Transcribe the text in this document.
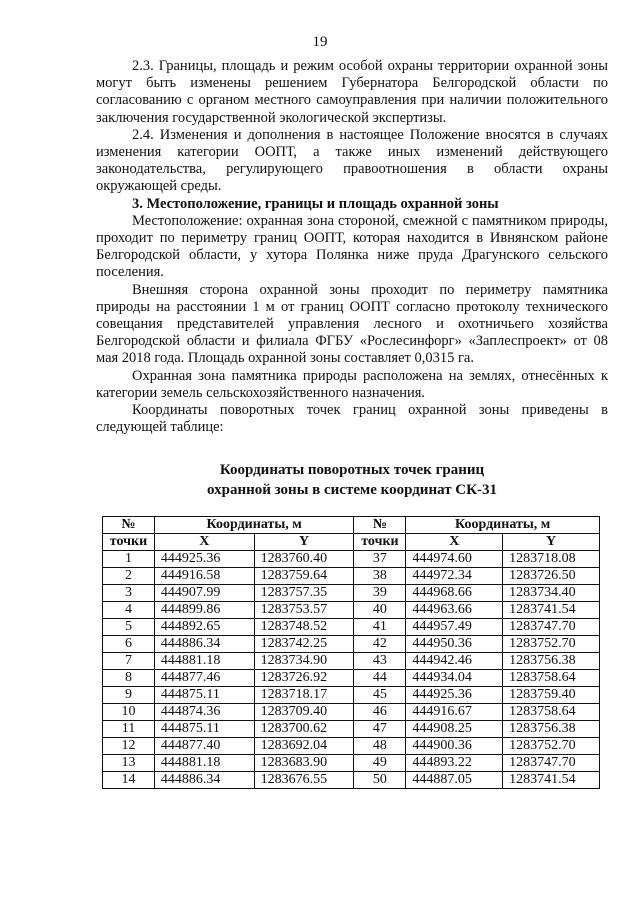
19

2.3. Границы, площадь и режим особой охраны территории охранной зоны могут быть изменены решением Губернатора Белгородской области по согласованию с органом местного самоуправления при наличии положительного заключения государственной экологической экспертизы.

2.4. Изменения и дополнения в настоящее Положение вносятся в случаях изменения категории ООПТ, а также иных изменений действующего законодательства, регулирующего правоотношения в области охраны окружающей среды.

3. Местоположение, границы и площадь охранной зоны

Местоположение: охранная зона стороной, смежной с памятником природы, проходит по периметру границ ООПТ, которая находится в Ивнянском районе Белгородской области, у хутора Полянка ниже пруда Драгунского сельского поселения.

Внешняя сторона охранной зоны проходит по периметру памятника природы на расстоянии 1 м от границ ООПТ согласно протоколу технического совещания представителей управления лесного и охотничьего хозяйства Белгородской области и филиала ФГБУ «Рослесинфорг» «Заплеспроект» от 08 мая 2018 года. Площадь охранной зоны составляет 0,0315 га.

Охранная зона памятника природы расположена на землях, отнесённых к категории земель сельскохозяйственного назначения.

Координаты поворотных точек границ охранной зоны приведены в следующей таблице:

Координаты поворотных точек границ
охранной зоны в системе координат СК-31
№	Координаты, м		№	Координаты, м	
точки	X	Y	точки	X	Y
1	444925.36	1283760.40	37	444974.60	1283718.08
2	444916.58	1283759.64	38	444972.34	1283726.50
3	444907.99	1283757.35	39	444968.66	1283734.40
4	444899.86	1283753.57	40	444963.66	1283741.54
5	444892.65	1283748.52	41	444957.49	1283747.70
6	444886.34	1283742.25	42	444950.36	1283752.70
7	444881.18	1283734.90	43	444942.46	1283756.38
8	444877.46	1283726.92	44	444934.04	1283758.64
9	444875.11	1283718.17	45	444925.36	1283759.40
10	444874.36	1283709.40	46	444916.67	1283758.64
11	444875.11	1283700.62	47	444908.25	1283756.38
12	444877.40	1283692.04	48	444900.36	1283752.70
13	444881.18	1283683.90	49	444893.22	1283747.70
14	444886.34	1283676.55	50	444887.05	1283741.54
